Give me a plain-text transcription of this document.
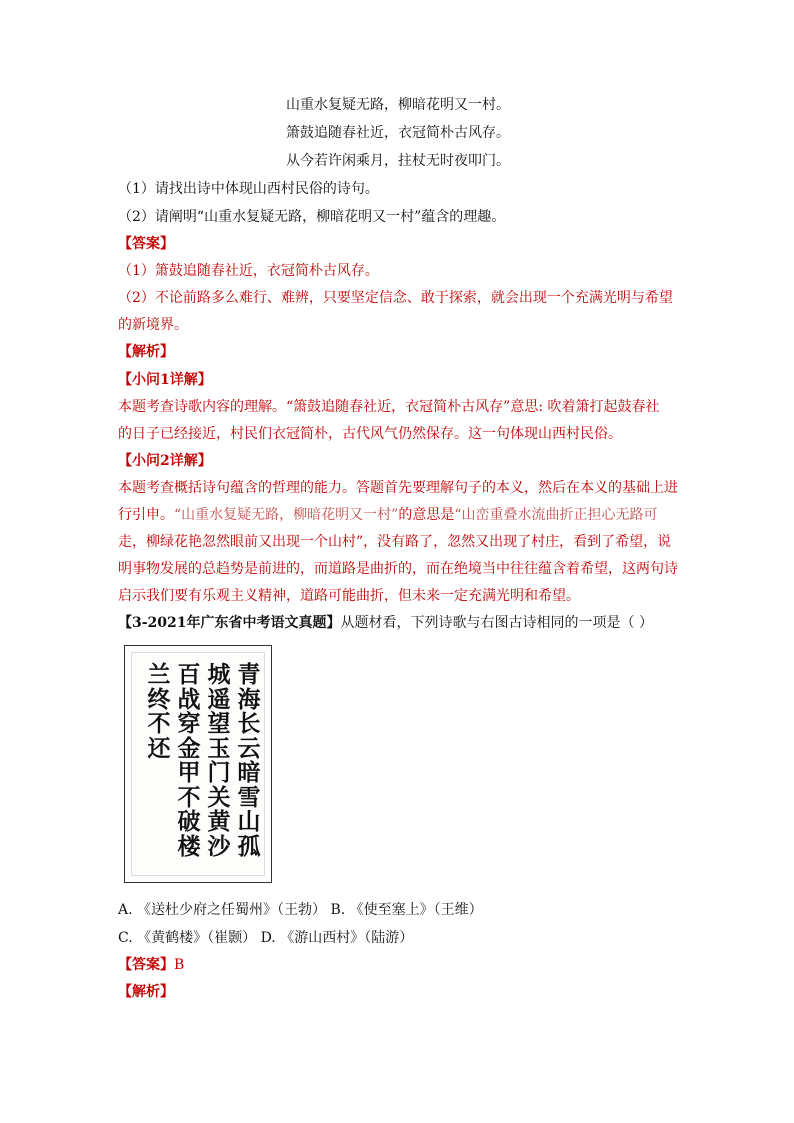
山重水复疑无路，柳暗花明又一村。
箫鼓追随春社近，衣冠简朴古风存。
从今若许闲乘月，拄杖无时夜叩门。
（1）请找出诗中体现山西村民俗的诗句。
（2）请阐明“山重水复疑无路，柳暗花明又一村”蕴含的理趣。
【答案】
（1）箫鼓追随春社近，衣冠简朴古风存。
（2）不论前路多么难行、难辨，只要坚定信念、敢于探索，就会出现一个充满光明与希望
的新境界。
【解析】
【小问1详解】
本题考查诗歌内容的理解。“箫鼓追随春社近，衣冠简朴古风存”意思: 吹着箫打起鼓春社
的日子已经接近，村民们衣冠简朴，古代风气仍然保存。这一句体现山西村民俗。
【小问2详解】
本题考查概括诗句蕴含的哲理的能力。答题首先要理解句子的本义，然后在本义的基础上进
行引申。“山重水复疑无路，柳暗花明又一村”的意思是“山峦重叠水流曲折正担心无路可
走，柳绿花艳忽然眼前又出现一个山村”，没有路了，忽然又出现了村庄，看到了希望，说
明事物发展的总趋势是前进的，而道路是曲折的，而在绝境当中往往蕴含着希望，这两句诗
启示我们要有乐观主义精神，道路可能曲折，但未来一定充满光明和希望。
【3-2021年广东省中考语文真题】从题材看，下列诗歌与右图古诗相同的一项是（ ）
青海长云暗雪山孤
城遥望玉门关黄沙
百战穿金甲不破楼
兰终不还
A. 《送杜少府之任蜀州》（王勃） B. 《使至塞上》（王维）
C. 《黄鹤楼》（崔颢） D. 《游山西村》（陆游）
【答案】B
【解析】
